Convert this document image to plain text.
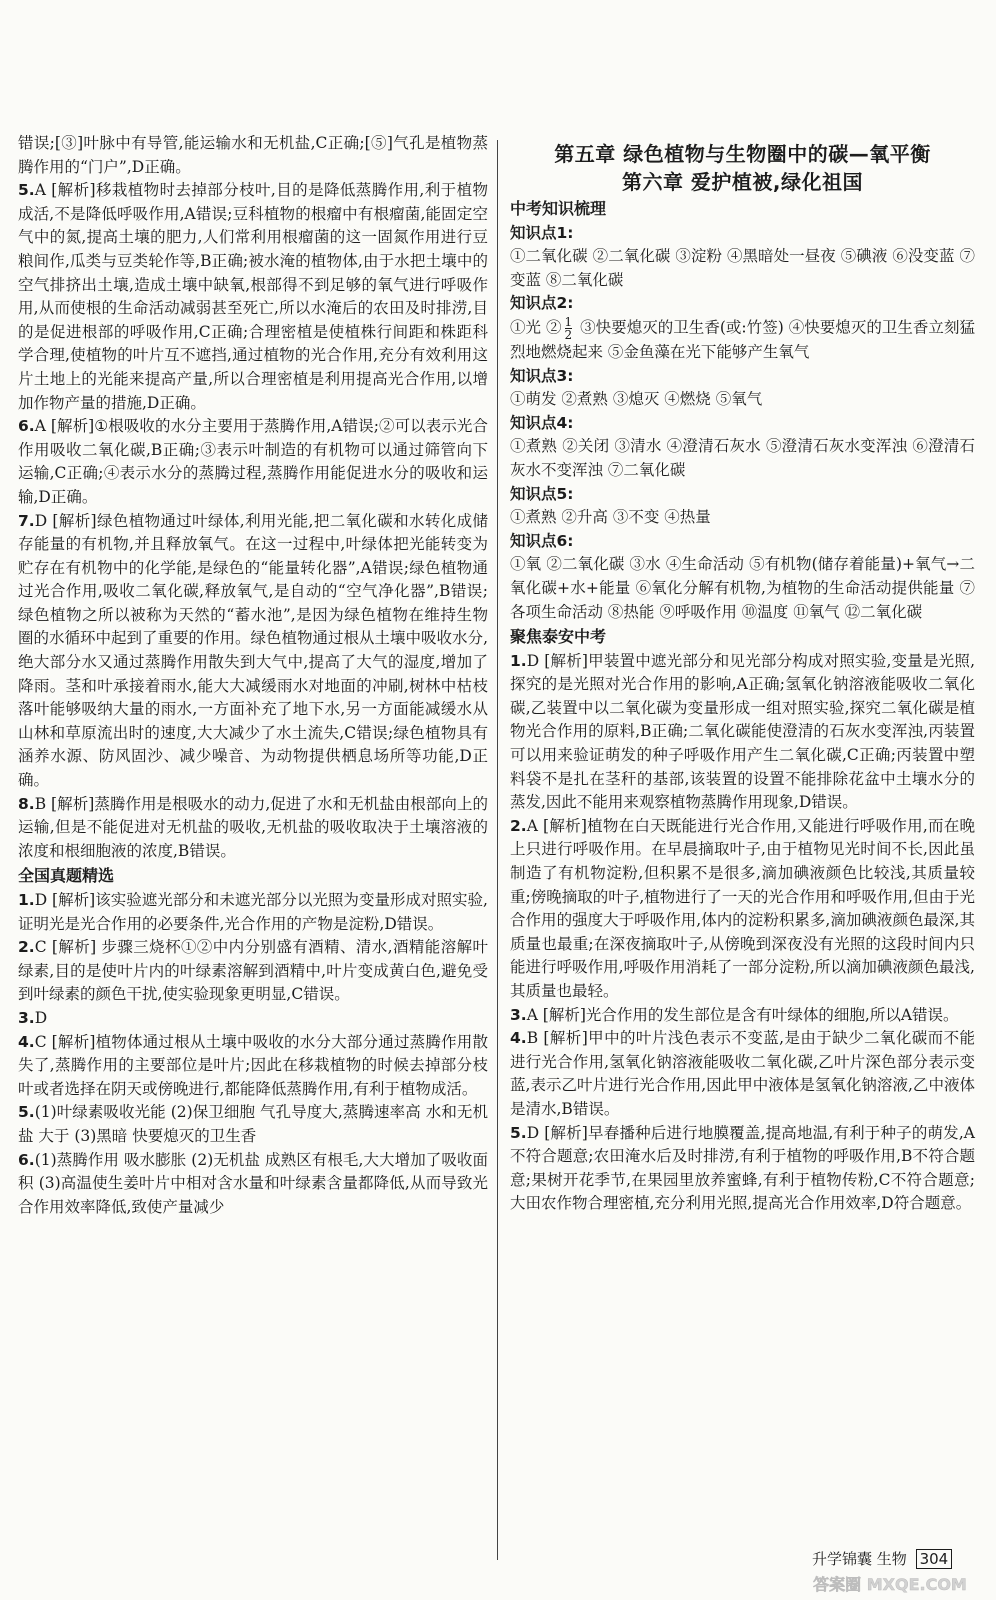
错误;[③]叶脉中有导管,能运输水和无机盐,C正确;[⑤]气孔是植物蒸腾作用的“门户”,D正确。

5.A [解析]移栽植物时去掉部分枝叶,目的是降低蒸腾作用,利于植物成活,不是降低呼吸作用,A错误;豆科植物的根瘤中有根瘤菌,能固定空气中的氮,提高土壤的肥力,人们常利用根瘤菌的这一固氮作用进行豆粮间作,瓜类与豆类轮作等,B正确;被水淹的植物体,由于水把土壤中的空气排挤出土壤,造成土壤中缺氧,根部得不到足够的氧气进行呼吸作用,从而使根的生命活动减弱甚至死亡,所以水淹后的农田及时排涝,目的是促进根部的呼吸作用,C正确;合理密植是使植株行间距和株距科学合理,使植物的叶片互不遮挡,通过植物的光合作用,充分有效利用这片土地上的光能来提高产量,所以合理密植是利用提高光合作用,以增加作物产量的措施,D正确。

6.A [解析]①根吸收的水分主要用于蒸腾作用,A错误;②可以表示光合作用吸收二氧化碳,B正确;③表示叶制造的有机物可以通过筛管向下运输,C正确;④表示水分的蒸腾过程,蒸腾作用能促进水分的吸收和运输,D正确。

7.D [解析]绿色植物通过叶绿体,利用光能,把二氧化碳和水转化成储存能量的有机物,并且释放氧气。在这一过程中,叶绿体把光能转变为贮存在有机物中的化学能,是绿色的“能量转化器”,A错误;绿色植物通过光合作用,吸收二氧化碳,释放氧气,是自动的“空气净化器”,B错误;绿色植物之所以被称为天然的“蓄水池”,是因为绿色植物在维持生物圈的水循环中起到了重要的作用。绿色植物通过根从土壤中吸收水分,绝大部分水又通过蒸腾作用散失到大气中,提高了大气的湿度,增加了降雨。茎和叶承接着雨水,能大大减缓雨水对地面的冲刷,树林中枯枝落叶能够吸纳大量的雨水,一方面补充了地下水,另一方面能减缓水从山林和草原流出时的速度,大大减少了水土流失,C错误;绿色植物具有涵养水源、防风固沙、减少噪音、为动物提供栖息场所等功能,D正确。

8.B [解析]蒸腾作用是根吸水的动力,促进了水和无机盐由根部向上的运输,但是不能促进对无机盐的吸收,无机盐的吸收取决于土壤溶液的浓度和根细胞液的浓度,B错误。

全国真题精选

1.D [解析]该实验遮光部分和未遮光部分以光照为变量形成对照实验,证明光是光合作用的必要条件,光合作用的产物是淀粉,D错误。

2.C [解析] 步骤三烧杯①②中内分别盛有酒精、清水,酒精能溶解叶绿素,目的是使叶片内的叶绿素溶解到酒精中,叶片变成黄白色,避免受到叶绿素的颜色干扰,使实验现象更明显,C错误。

3.D

4.C [解析]植物体通过根从土壤中吸收的水分大部分通过蒸腾作用散失了,蒸腾作用的主要部位是叶片;因此在移栽植物的时候去掉部分枝叶或者选择在阴天或傍晚进行,都能降低蒸腾作用,有利于植物成活。

5.(1)叶绿素吸收光能 (2)保卫细胞 气孔导度大,蒸腾速率高 水和无机盐 大于 (3)黑暗 快要熄灭的卫生香

6.(1)蒸腾作用 吸水膨胀 (2)无机盐 成熟区有根毛,大大增加了吸收面积 (3)高温使生姜叶片中相对含水量和叶绿素含量都降低,从而导致光合作用效率降低,致使产量减少

第五章 绿色植物与生物圈中的碳—氧平衡

第六章 爱护植被,绿化祖国

中考知识梳理

知识点1:

①二氧化碳 ②二氧化碳 ③淀粉 ④黑暗处一昼夜 ⑤碘液 ⑥没变蓝 ⑦变蓝 ⑧二氧化碳

知识点2:

①光 ② $\frac{1}{2}$ ③快要熄灭的卫生香(或:竹签) ④快要熄灭的卫生香立刻猛烈地燃烧起来 ⑤金鱼藻在光下能够产生氧气

知识点3:

①萌发 ②煮熟 ③熄灭 ④燃烧 ⑤氧气

知识点4:

①煮熟 ②关闭 ③清水 ④澄清石灰水 ⑤澄清石灰水变浑浊 ⑥澄清石灰水不变浑浊 ⑦二氧化碳

知识点5:

①煮熟 ②升高 ③不变 ④热量

知识点6:

①氧 ②二氧化碳 ③水 ④生命活动 ⑤有机物(储存着能量)+氧气→二氧化碳+水+能量 ⑥氧化分解有机物,为植物的生命活动提供能量 ⑦各项生命活动 ⑧热能 ⑨呼吸作用 ⑩温度 ⑪氧气 ⑫二氧化碳

聚焦泰安中考

1.D [解析]甲装置中遮光部分和见光部分构成对照实验,变量是光照,探究的是光照对光合作用的影响,A正确;氢氧化钠溶液能吸收二氧化碳,乙装置中以二氧化碳为变量形成一组对照实验,探究二氧化碳是植物光合作用的原料,B正确;二氧化碳能使澄清的石灰水变浑浊,丙装置可以用来验证萌发的种子呼吸作用产生二氧化碳,C正确;丙装置中塑料袋不是扎在茎秆的基部,该装置的设置不能排除花盆中土壤水分的蒸发,因此不能用来观察植物蒸腾作用现象,D错误。

2.A [解析]植物在白天既能进行光合作用,又能进行呼吸作用,而在晚上只进行呼吸作用。在早晨摘取叶子,由于植物见光时间不长,因此虽制造了有机物淀粉,但积累不是很多,滴加碘液颜色比较浅,其质量较重;傍晚摘取的叶子,植物进行了一天的光合作用和呼吸作用,但由于光合作用的强度大于呼吸作用,体内的淀粉积累多,滴加碘液颜色最深,其质量也最重;在深夜摘取叶子,从傍晚到深夜没有光照的这段时间内只能进行呼吸作用,呼吸作用消耗了一部分淀粉,所以滴加碘液颜色最浅,其质量也最轻。

3.A [解析]光合作用的发生部位是含有叶绿体的细胞,所以A错误。

4.B [解析]甲中的叶片浅色表示不变蓝,是由于缺少二氧化碳而不能进行光合作用,氢氧化钠溶液能吸收二氧化碳,乙叶片深色部分表示变蓝,表示乙叶片进行光合作用,因此甲中液体是氢氧化钠溶液,乙中液体是清水,B错误。

5.D [解析]早春播种后进行地膜覆盖,提高地温,有利于种子的萌发,A不符合题意;农田淹水后及时排涝,有利于植物的呼吸作用,B不符合题意;果树开花季节,在果园里放养蜜蜂,有利于植物传粉,C不符合题意;大田农作物合理密植,充分利用光照,提高光合作用效率,D符合题意。

升学锦囊 生物 304
答案圈 MXQE.COM
